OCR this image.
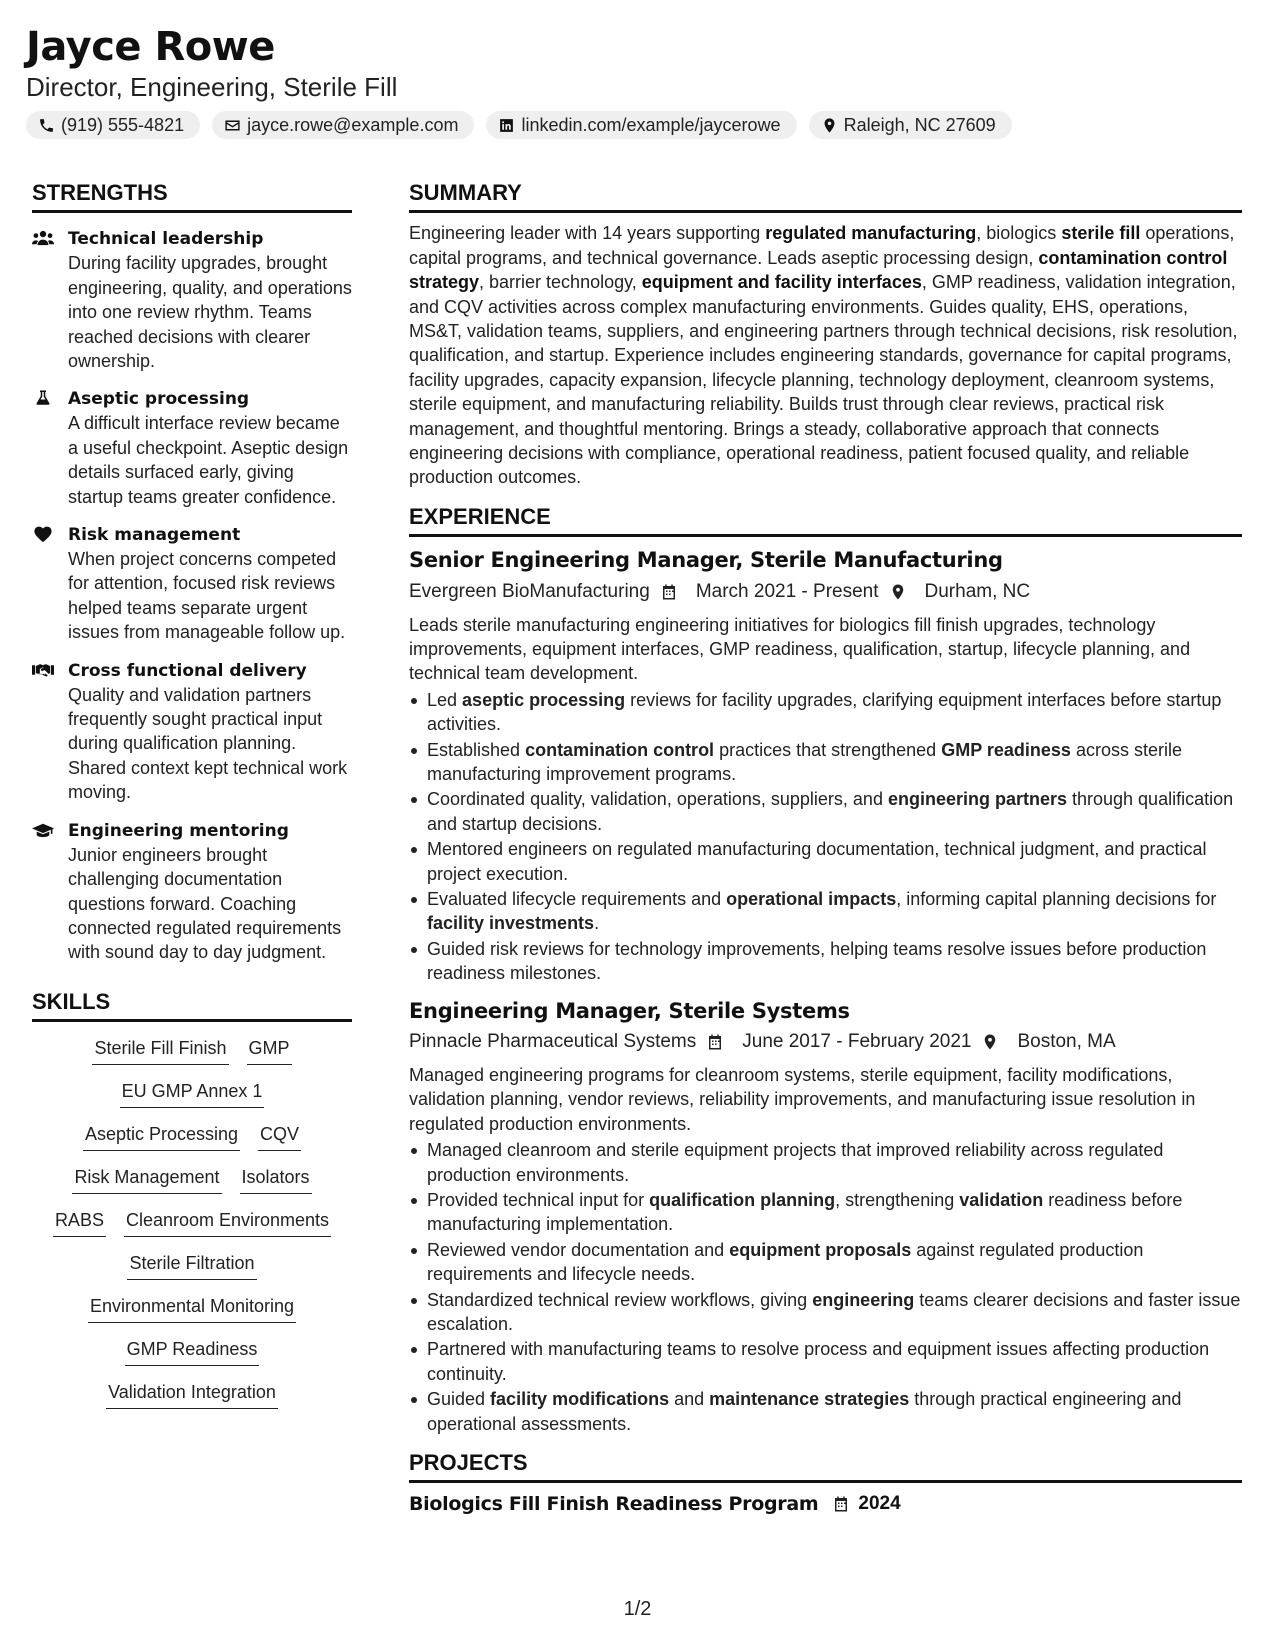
Jayce Rowe
Director, Engineering, Sterile Fill
(919) 555-4821	jayce.rowe@example.com	linkedin.com/example/jaycerowe	Raleigh, NC 27609
STRENGTHS
Technical leadership
During facility upgrades, brought engineering, quality, and operations into one review rhythm. Teams reached decisions with clearer ownership.
Aseptic processing
A difficult interface review became a useful checkpoint. Aseptic design details surfaced early, giving startup teams greater confidence.
Risk management
When project concerns competed for attention, focused risk reviews helped teams separate urgent issues from manageable follow up.
Cross functional delivery
Quality and validation partners frequently sought practical input during qualification planning. Shared context kept technical work moving.
Engineering mentoring
Junior engineers brought challenging documentation questions forward. Coaching connected regulated requirements with sound day to day judgment.
SKILLS
Sterile Fill Finish GMP
EU GMP Annex 1
Aseptic Processing CQV
Risk Management Isolators
RABS Cleanroom Environments
Sterile Filtration
Environmental Monitoring
GMP Readiness
Validation Integration
SUMMARY
Engineering leader with 14 years supporting regulated manufacturing, biologics sterile fill operations, capital programs, and technical governance. Leads aseptic processing design, contamination control strategy, barrier technology, equipment and facility interfaces, GMP readiness, validation integration, and CQV activities across complex manufacturing environments. Guides quality, EHS, operations, MS&T, validation teams, suppliers, and engineering partners through technical decisions, risk resolution, qualification, and startup. Experience includes engineering standards, governance for capital programs, facility upgrades, capacity expansion, lifecycle planning, technology deployment, cleanroom systems, sterile equipment, and manufacturing reliability. Builds trust through clear reviews, practical risk management, and thoughtful mentoring. Brings a steady, collaborative approach that connects engineering decisions with compliance, operational readiness, patient focused quality, and reliable production outcomes.
EXPERIENCE
Senior Engineering Manager, Sterile Manufacturing
Evergreen BioManufacturing March 2021 - Present Durham, NC
Leads sterile manufacturing engineering initiatives for biologics fill finish upgrades, technology improvements, equipment interfaces, GMP readiness, qualification, startup, lifecycle planning, and technical team development.
Led aseptic processing reviews for facility upgrades, clarifying equipment interfaces before startup activities.
Established contamination control practices that strengthened GMP readiness across sterile manufacturing improvement programs.
Coordinated quality, validation, operations, suppliers, and engineering partners through qualification and startup decisions.
Mentored engineers on regulated manufacturing documentation, technical judgment, and practical project execution.
Evaluated lifecycle requirements and operational impacts, informing capital planning decisions for facility investments.
Guided risk reviews for technology improvements, helping teams resolve issues before production readiness milestones.
Engineering Manager, Sterile Systems
Pinnacle Pharmaceutical Systems June 2017 - February 2021 Boston, MA
Managed engineering programs for cleanroom systems, sterile equipment, facility modifications, validation planning, vendor reviews, reliability improvements, and manufacturing issue resolution in regulated production environments.
Managed cleanroom and sterile equipment projects that improved reliability across regulated production environments.
Provided technical input for qualification planning, strengthening validation readiness before manufacturing implementation.
Reviewed vendor documentation and equipment proposals against regulated production requirements and lifecycle needs.
Standardized technical review workflows, giving engineering teams clearer decisions and faster issue escalation.
Partnered with manufacturing teams to resolve process and equipment issues affecting production continuity.
Guided facility modifications and maintenance strategies through practical engineering and operational assessments.
PROJECTS
Biologics Fill Finish Readiness Program 2024
1/2
